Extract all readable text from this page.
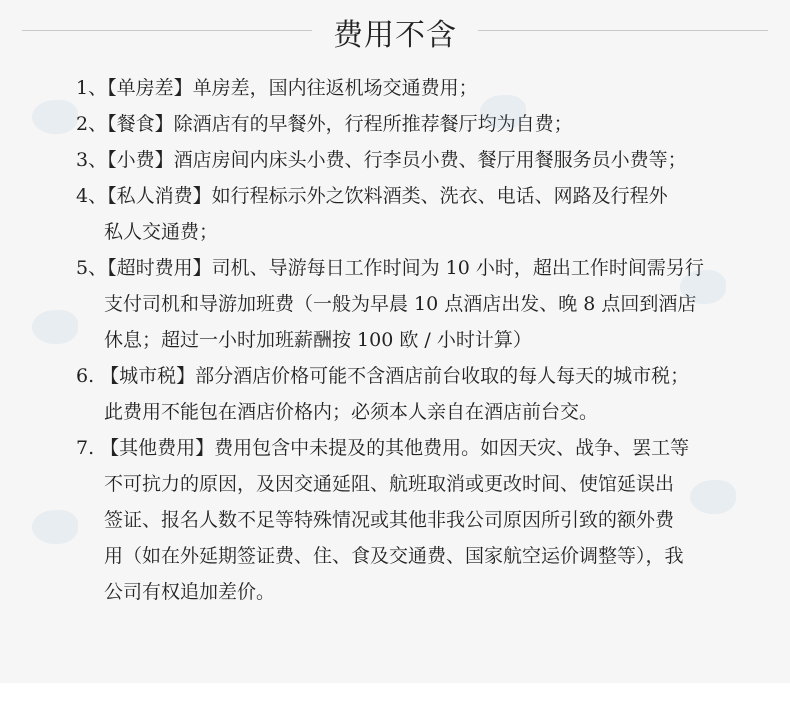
费用不含
1、【单房差】单房差，国内往返机场交通费用；
2、【餐食】除酒店有的早餐外，行程所推荐餐厅均为自费；
3、【小费】酒店房间内床头小费、行李员小费、餐厅用餐服务员小费等；
4、【私人消费】如行程标示外之饮料酒类、洗衣、电话、网路及行程外
私人交通费；
5、【超时费用】司机、导游每日工作时间为 10 小时，超出工作时间需另行
支付司机和导游加班费（一般为早晨 10 点酒店出发、晚 8 点回到酒店
休息；超过一小时加班薪酬按 100 欧 / 小时计算）
6. 【城市税】部分酒店价格可能不含酒店前台收取的每人每天的城市税；
此费用不能包在酒店价格内；必须本人亲自在酒店前台交。
7. 【其他费用】费用包含中未提及的其他费用。如因天灾、战争、罢工等
不可抗力的原因，及因交通延阻、航班取消或更改时间、使馆延误出
签证、报名人数不足等特殊情况或其他非我公司原因所引致的额外费
用（如在外延期签证费、住、食及交通费、国家航空运价调整等），我
公司有权追加差价。
